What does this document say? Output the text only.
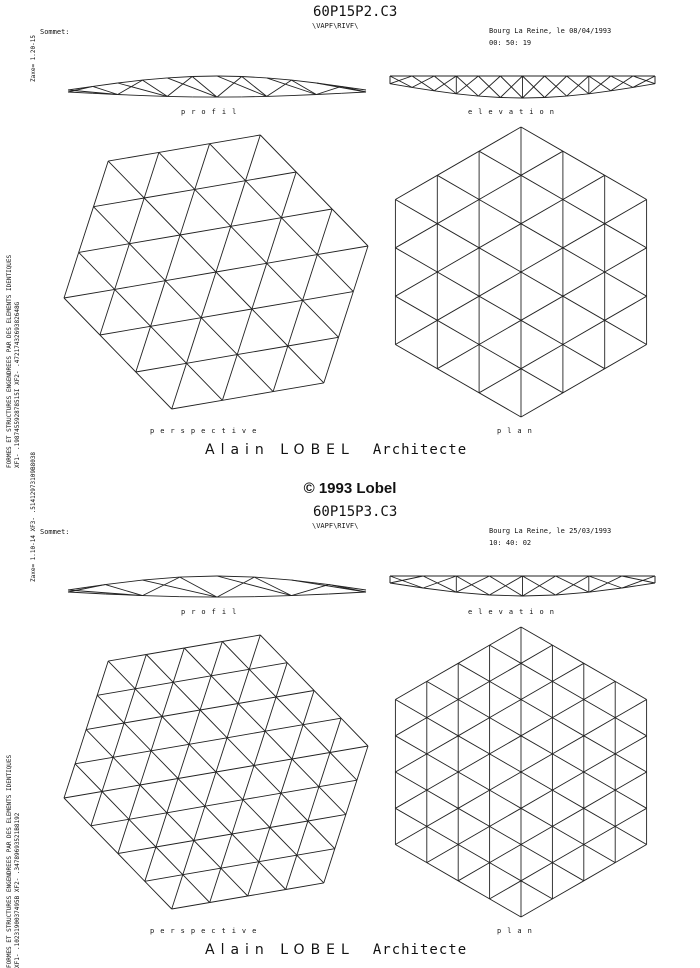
Sommet:
60P15P2.C3
\VAPF\RIVF\
Bourg La Reine, le 08/04/1993
00: 50: 19
FORMES ET STRUCTURES ENGENDREES PAR DES ELEMENTS IDENTIQUES XF1- .198745592878515I XF2- .4721743269382648G
Zaxe= 1.20-15
profil	elevation
perspective	plan
Alain LOBEL Architecte
© 1993 Lobel
Sommet:
60P15P3.C3
\VAPF\RIVF\
Bourg La Reine, le 25/03/1993
10: 40: 02
FORMES ET STRUCTURES ENGENDREES PAR DES ELEMENTS IDENTIQUES XF1- .1023190037495B XF2- .34789693521B8192
Zaxe= 1.10-14 XF3- .51412973109B8038
profil	elevation
perspective	plan
Alain LOBEL Architecte
